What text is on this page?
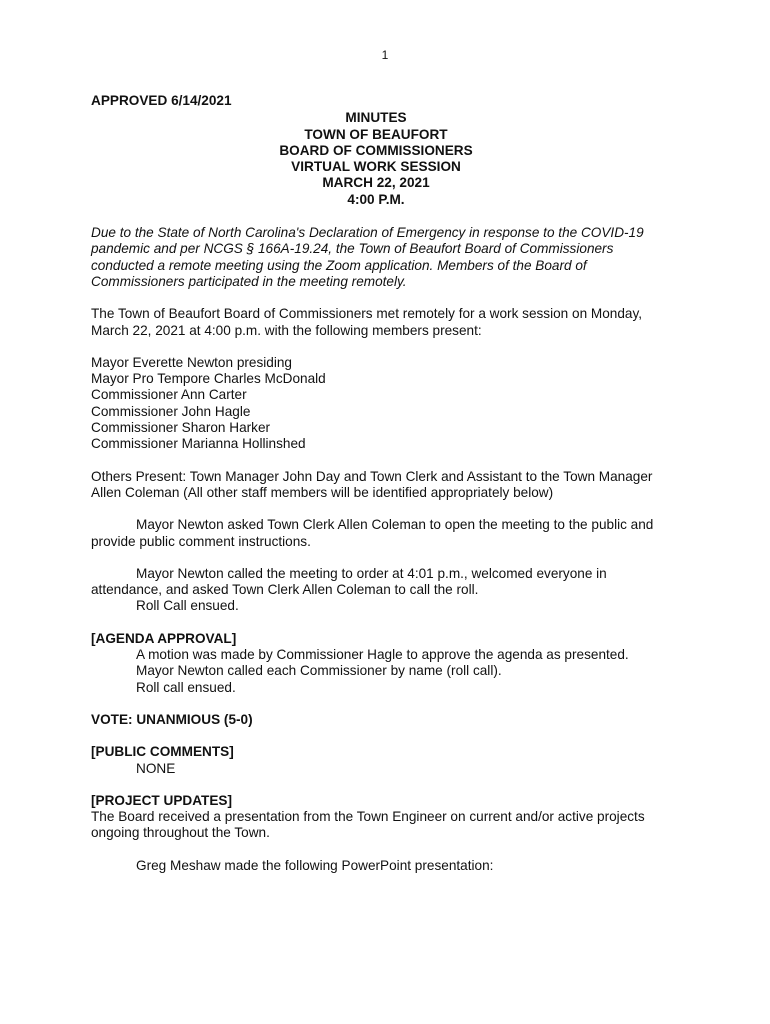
1

APPROVED 6/14/2021

MINUTES
TOWN OF BEAUFORT
BOARD OF COMMISSIONERS
VIRTUAL WORK SESSION
MARCH 22, 2021
4:00 P.M.

Due to the State of North Carolina's Declaration of Emergency in response to the COVID-19

pandemic and per NCGS § 166A-19.24, the Town of Beaufort Board of Commissioners

conducted a remote meeting using the Zoom application. Members of the Board of

Commissioners participated in the meeting remotely.

The Town of Beaufort Board of Commissioners met remotely for a work session on Monday,

March 22, 2021 at 4:00 p.m. with the following members present:

Mayor Everette Newton presiding

Mayor Pro Tempore Charles McDonald

Commissioner Ann Carter

Commissioner John Hagle

Commissioner Sharon Harker

Commissioner Marianna Hollinshed

Others Present: Town Manager John Day and Town Clerk and Assistant to the Town Manager

Allen Coleman (All other staff members will be identified appropriately below)

Mayor Newton asked Town Clerk Allen Coleman to open the meeting to the public and

provide public comment instructions.

Mayor Newton called the meeting to order at 4:01 p.m., welcomed everyone in

attendance, and asked Town Clerk Allen Coleman to call the roll.

Roll Call ensued.

[AGENDA APPROVAL]

A motion was made by Commissioner Hagle to approve the agenda as presented.

Mayor Newton called each Commissioner by name (roll call).

Roll call ensued.

VOTE: UNANMIOUS (5-0)

[PUBLIC COMMENTS]

NONE

[PROJECT UPDATES]

The Board received a presentation from the Town Engineer on current and/or active projects

ongoing throughout the Town.

Greg Meshaw made the following PowerPoint presentation:
